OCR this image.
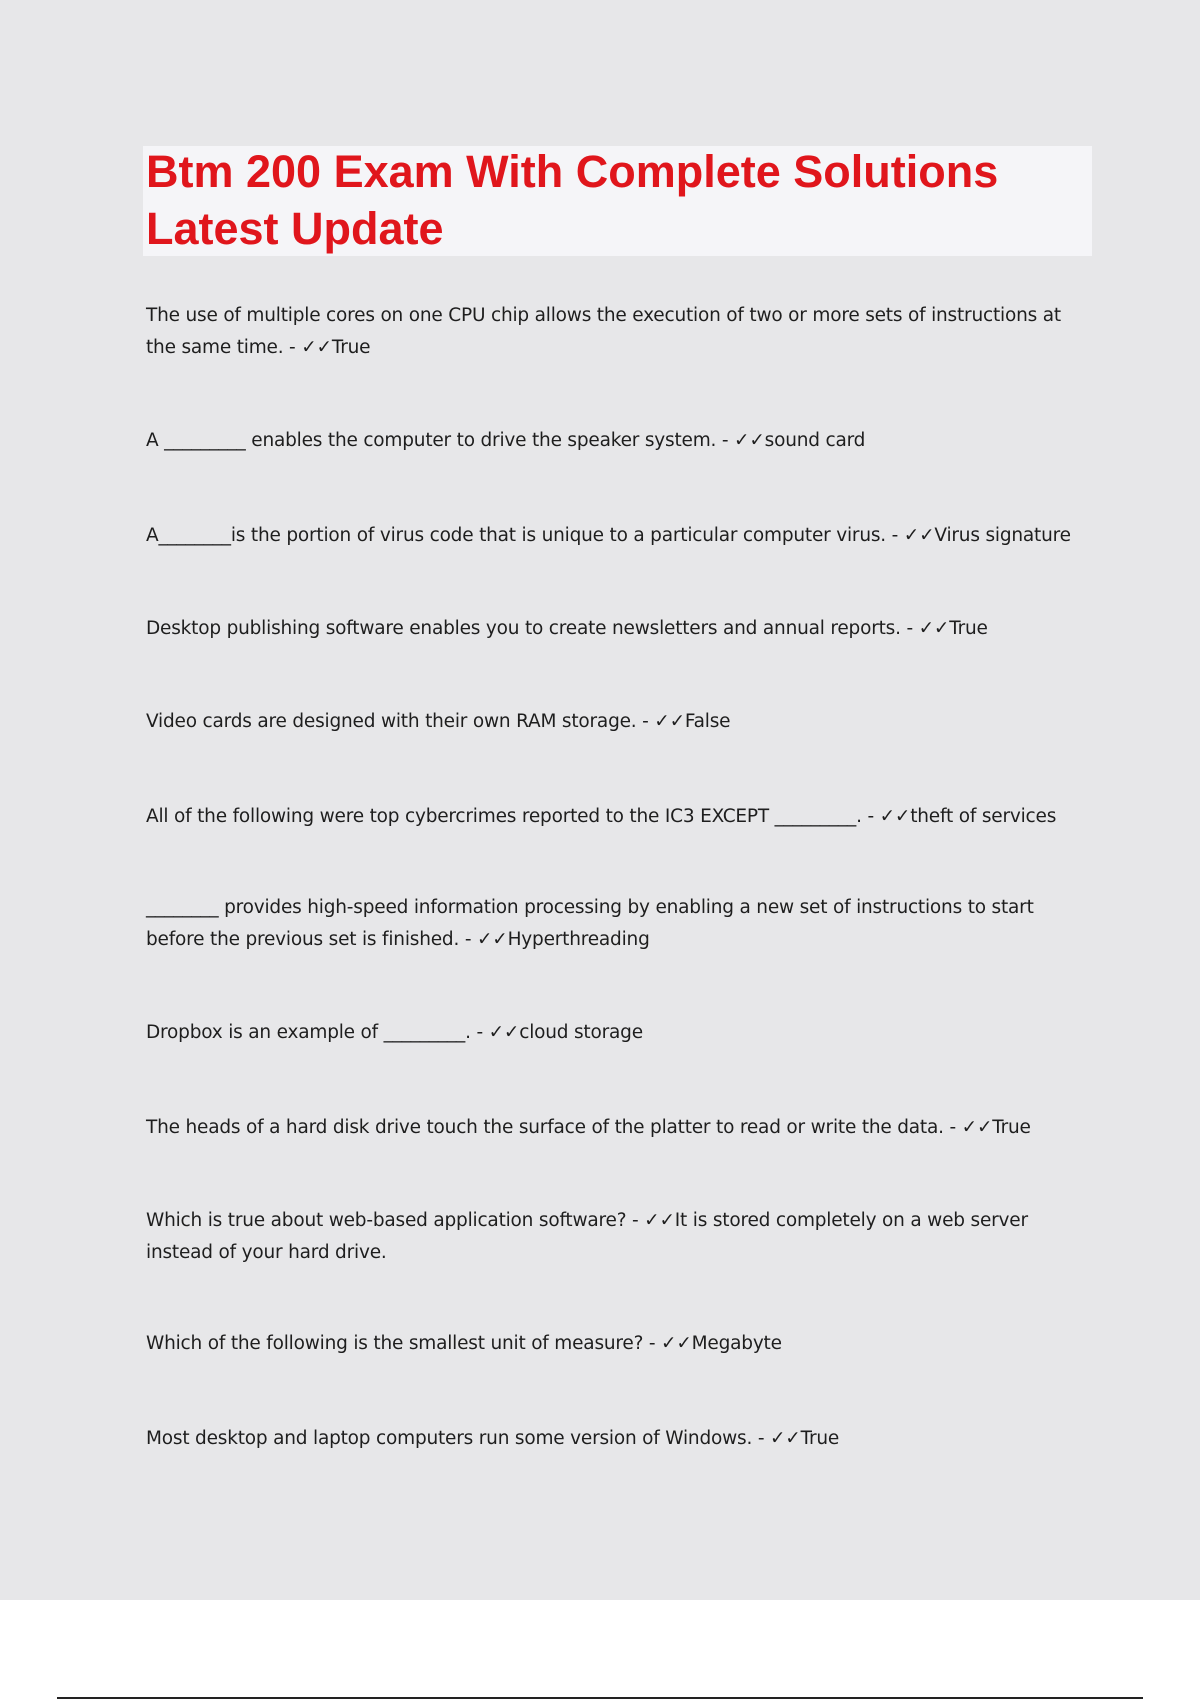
Btm 200 Exam With Complete Solutions Latest Update

The use of multiple cores on one CPU chip allows the execution of two or more sets of instructions at the same time. - ✓✓True

A _________ enables the computer to drive the speaker system. - ✓✓sound card

A________is the portion of virus code that is unique to a particular computer virus. - ✓✓Virus signature

Desktop publishing software enables you to create newsletters and annual reports. - ✓✓True

Video cards are designed with their own RAM storage. - ✓✓False

All of the following were top cybercrimes reported to the IC3 EXCEPT _________. - ✓✓theft of services

________ provides high-speed information processing by enabling a new set of instructions to start before the previous set is finished. - ✓✓Hyperthreading

Dropbox is an example of _________. - ✓✓cloud storage

The heads of a hard disk drive touch the surface of the platter to read or write the data. - ✓✓True

Which is true about web-based application software? - ✓✓It is stored completely on a web server instead of your hard drive.

Which of the following is the smallest unit of measure? - ✓✓Megabyte

Most desktop and laptop computers run some version of Windows. - ✓✓True
